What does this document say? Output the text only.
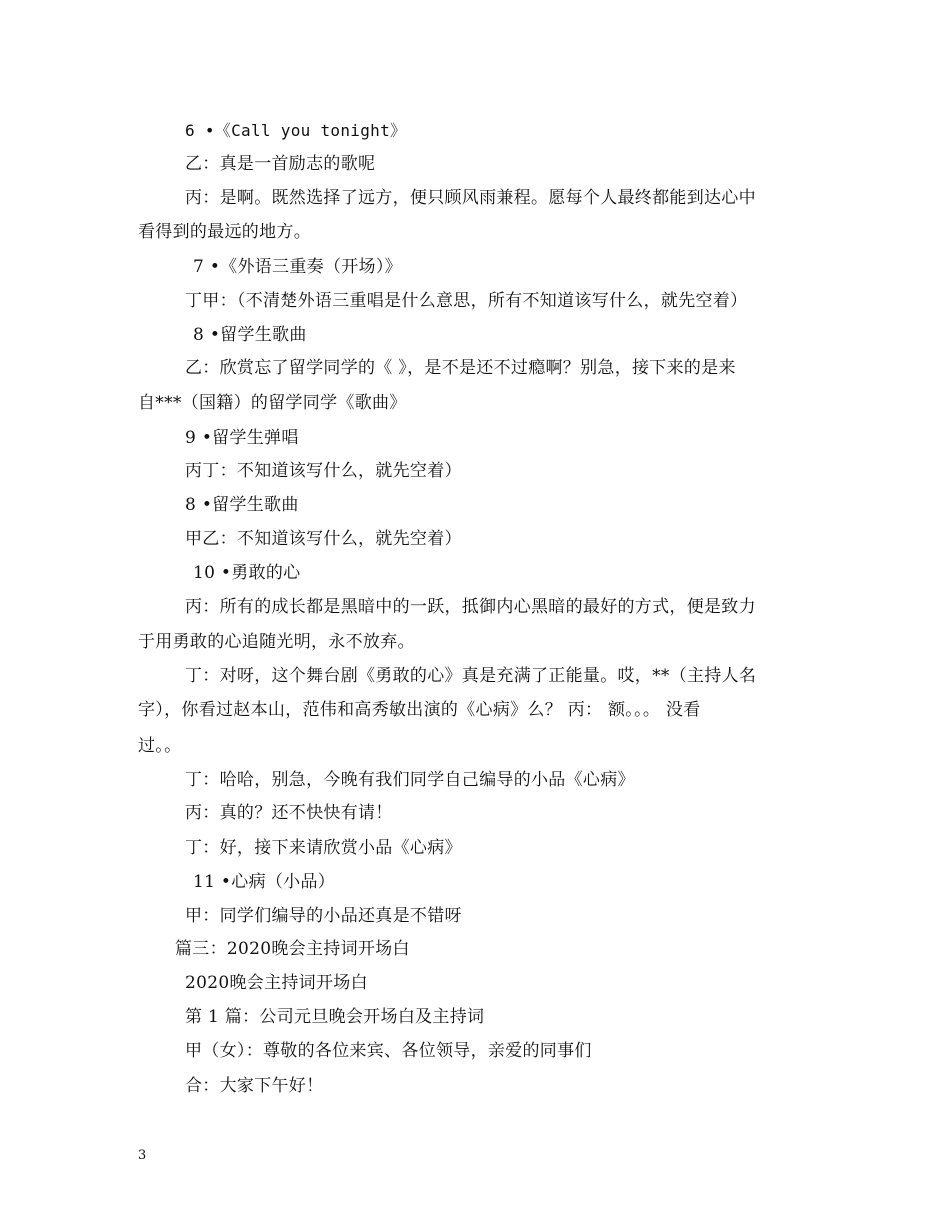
6 •《Call you tonight》
乙：真是一首励志的歌呢
丙：是啊。既然选择了远方，便只顾风雨兼程。愿每个人最终都能到达心中
看得到的最远的地方。
7 •《外语三重奏（开场）》
丁甲：（不清楚外语三重唱是什么意思，所有不知道该写什么，就先空着）
8 •留学生歌曲
乙：欣赏忘了留学同学的《 》，是不是还不过瘾啊？别急，接下来的是来
自***（国籍）的留学同学《歌曲》
9 •留学生弹唱
丙丁：不知道该写什么，就先空着）
8 •留学生歌曲
甲乙：不知道该写什么，就先空着）
10 •勇敢的心
丙：所有的成长都是黑暗中的一跃，抵御内心黑暗的最好的方式，便是致力
于用勇敢的心追随光明，永不放弃。
丁：对呀，这个舞台剧《勇敢的心》真是充满了正能量。哎，**（主持人名
字），你看过赵本山，范伟和高秀敏出演的《心病》么？ 丙： 额。。。 没看
过。。
丁：哈哈，别急，今晚有我们同学自己编导的小品《心病》
丙：真的？还不快快有请！
丁：好，接下来请欣赏小品《心病》
11 •心病（小品）
甲：同学们编导的小品还真是不错呀
篇三：2020晚会主持词开场白
2020晚会主持词开场白
第 1 篇：公司元旦晚会开场白及主持词
甲（女）：尊敬的各位来宾、各位领导，亲爱的同事们
合：大家下午好！
3
